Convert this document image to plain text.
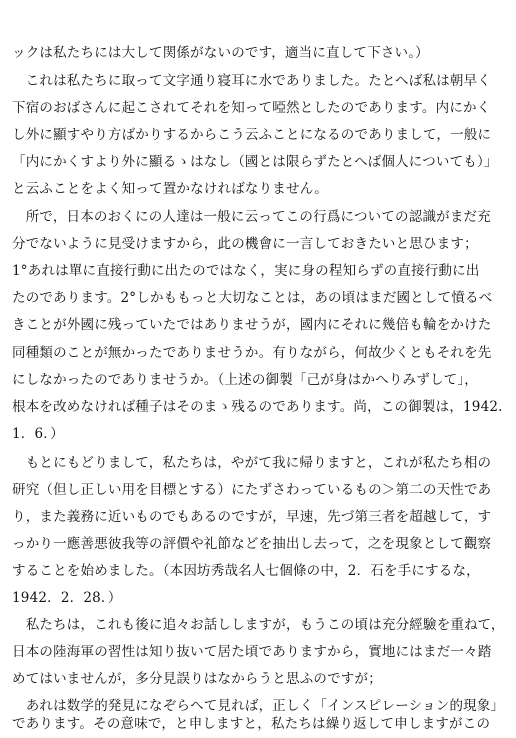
ックは私たちには大して関係がないのです，適当に直して下さい。）
　これは私たちに取って文字通り寝耳に水でありました。たとへば私は朝早く
下宿のおばさんに起こされてそれを知って啞然としたのであります。内にかく
し外に顯すやり方ばかりするからこう云ふことになるのでありまして，一般に
「内にかくすより外に顯るゝはなし（國とは限らずたとへば個人についても）」
と云ふことをよく知って置かなければなりません。
　所で，日本のおくにの人達は一般に云ってこの行爲についての認識がまだ充
分でないように見受けますから，此の機會に一言しておきたいと思ひます；
1°あれは單に直接行動に出たのではなく，実に身の程知らずの直接行動に出
たのであります。2°しかももっと大切なことは，あの頃はまだ國として憤るべ
きことが外國に残っていたではありませうが，國内にそれに幾倍も輪をかけた
同種類のことが無かったでありませうか。有りながら，何故少くともそれを先
にしなかったのでありませうか。（上述の御製「己が身はかへりみずして」，
根本を改めなければ種子はそのまゝ残るのであります。尚，この御製は，1942.
1．6．）
　もとにもどりまして，私たちは，やがて我に帰りますと，これが私たち相の
研究（但し正しい用を目標とする）にたずさわっているもの＞第二の天性であ
り，また義務に近いものでもあるのですが，早速，先づ第三者を超越して，す
っかり一應善悪彼我等の評價や礼節などを抽出し去って，之を現象として觀察
することを始めました。（本因坊秀哉名人七個條の中，2．石を手にするな，
1942．2．28．）
　私たちは，これも後に追々お話ししますが，もうこの頃は充分經驗を重ねて，
日本の陸海軍の習性は知り抜いて居た頃でありますから，實地にはまだ一々踏
めてはいませんが，多分見誤りはなからうと思ふのですが；
　あれは数学的発見になぞらへて見れば，正しく「インスピレーション的現象」
であります。その意味で，と申しますと，私たちは繰り返して申しますがこの
